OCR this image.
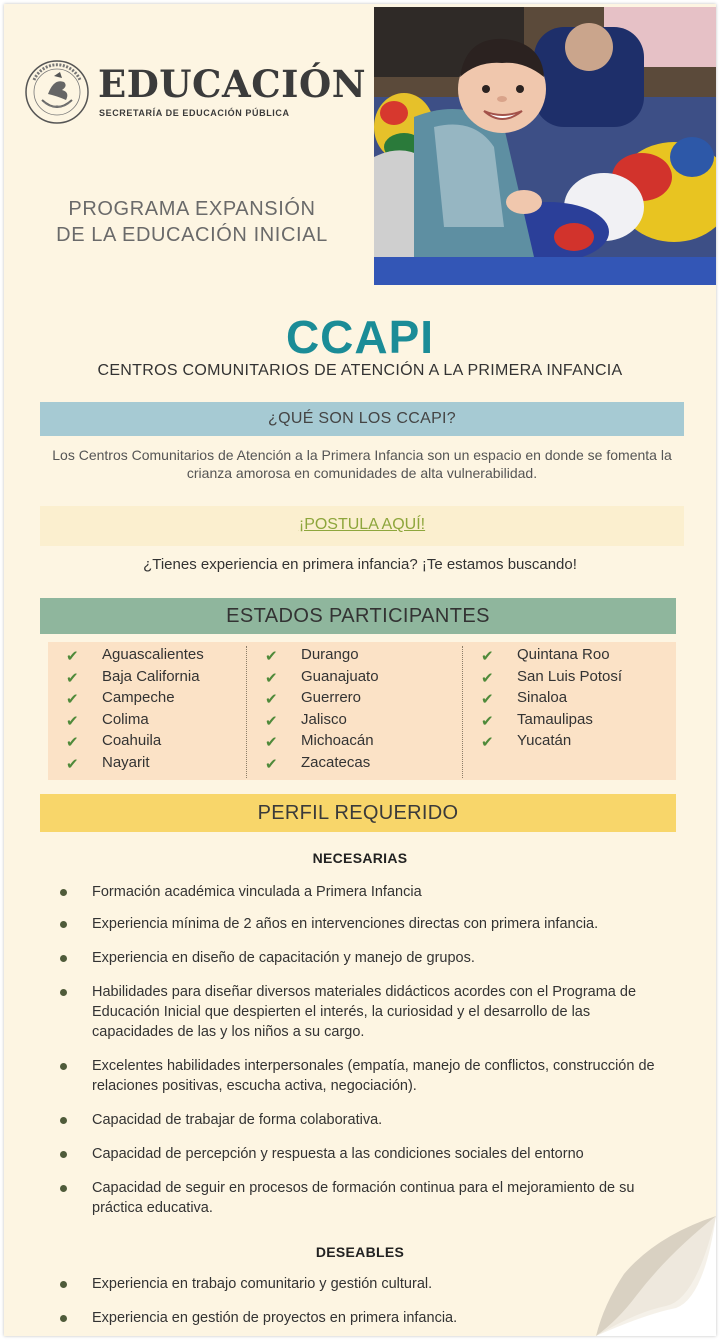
EDUCACIÓN
SECRETARÍA DE EDUCACIÓN PÚBLICA
PROGRAMA EXPANSIÓN
DE LA EDUCACIÓN INICIAL
CCAPI
CENTROS COMUNITARIOS DE ATENCIÓN A LA PRIMERA INFANCIA
¿QUÉ SON LOS CCAPI?
Los Centros Comunitarios de Atención a la Primera Infancia son un espacio en donde se fomenta la crianza amorosa en comunidades de alta vulnerabilidad.
¡POSTULA AQUÍ!
¿Tienes experiencia en primera infancia? ¡Te estamos buscando!
ESTADOS PARTICIPANTES
✔ Aguascalientes
✔ Baja California
✔ Campeche
✔ Colima
✔ Coahuila
✔ Nayarit
✔ Durango
✔ Guanajuato
✔ Guerrero
✔ Jalisco
✔ Michoacán
✔ Zacatecas
✔ Quintana Roo
✔ San Luis Potosí
✔ Sinaloa
✔ Tamaulipas
✔ Yucatán
PERFIL REQUERIDO
NECESARIAS
Formación académica vinculada a Primera Infancia
Experiencia mínima de 2 años en intervenciones directas con primera infancia.
Experiencia en diseño de capacitación y manejo de grupos.
Habilidades para diseñar diversos materiales didácticos acordes con el Programa de Educación Inicial que despierten el interés, la curiosidad y el desarrollo de las capacidades de las y los niños a su cargo.
Excelentes habilidades interpersonales (empatía, manejo de conflictos, construcción de relaciones positivas, escucha activa, negociación).
Capacidad de trabajar de forma colaborativa.
Capacidad de percepción y respuesta a las condiciones sociales del entorno
Capacidad de seguir en procesos de formación continua para el mejoramiento de su práctica educativa.
DESEABLES
Experiencia en trabajo comunitario y gestión cultural.
Experiencia en gestión de proyectos en primera infancia.
